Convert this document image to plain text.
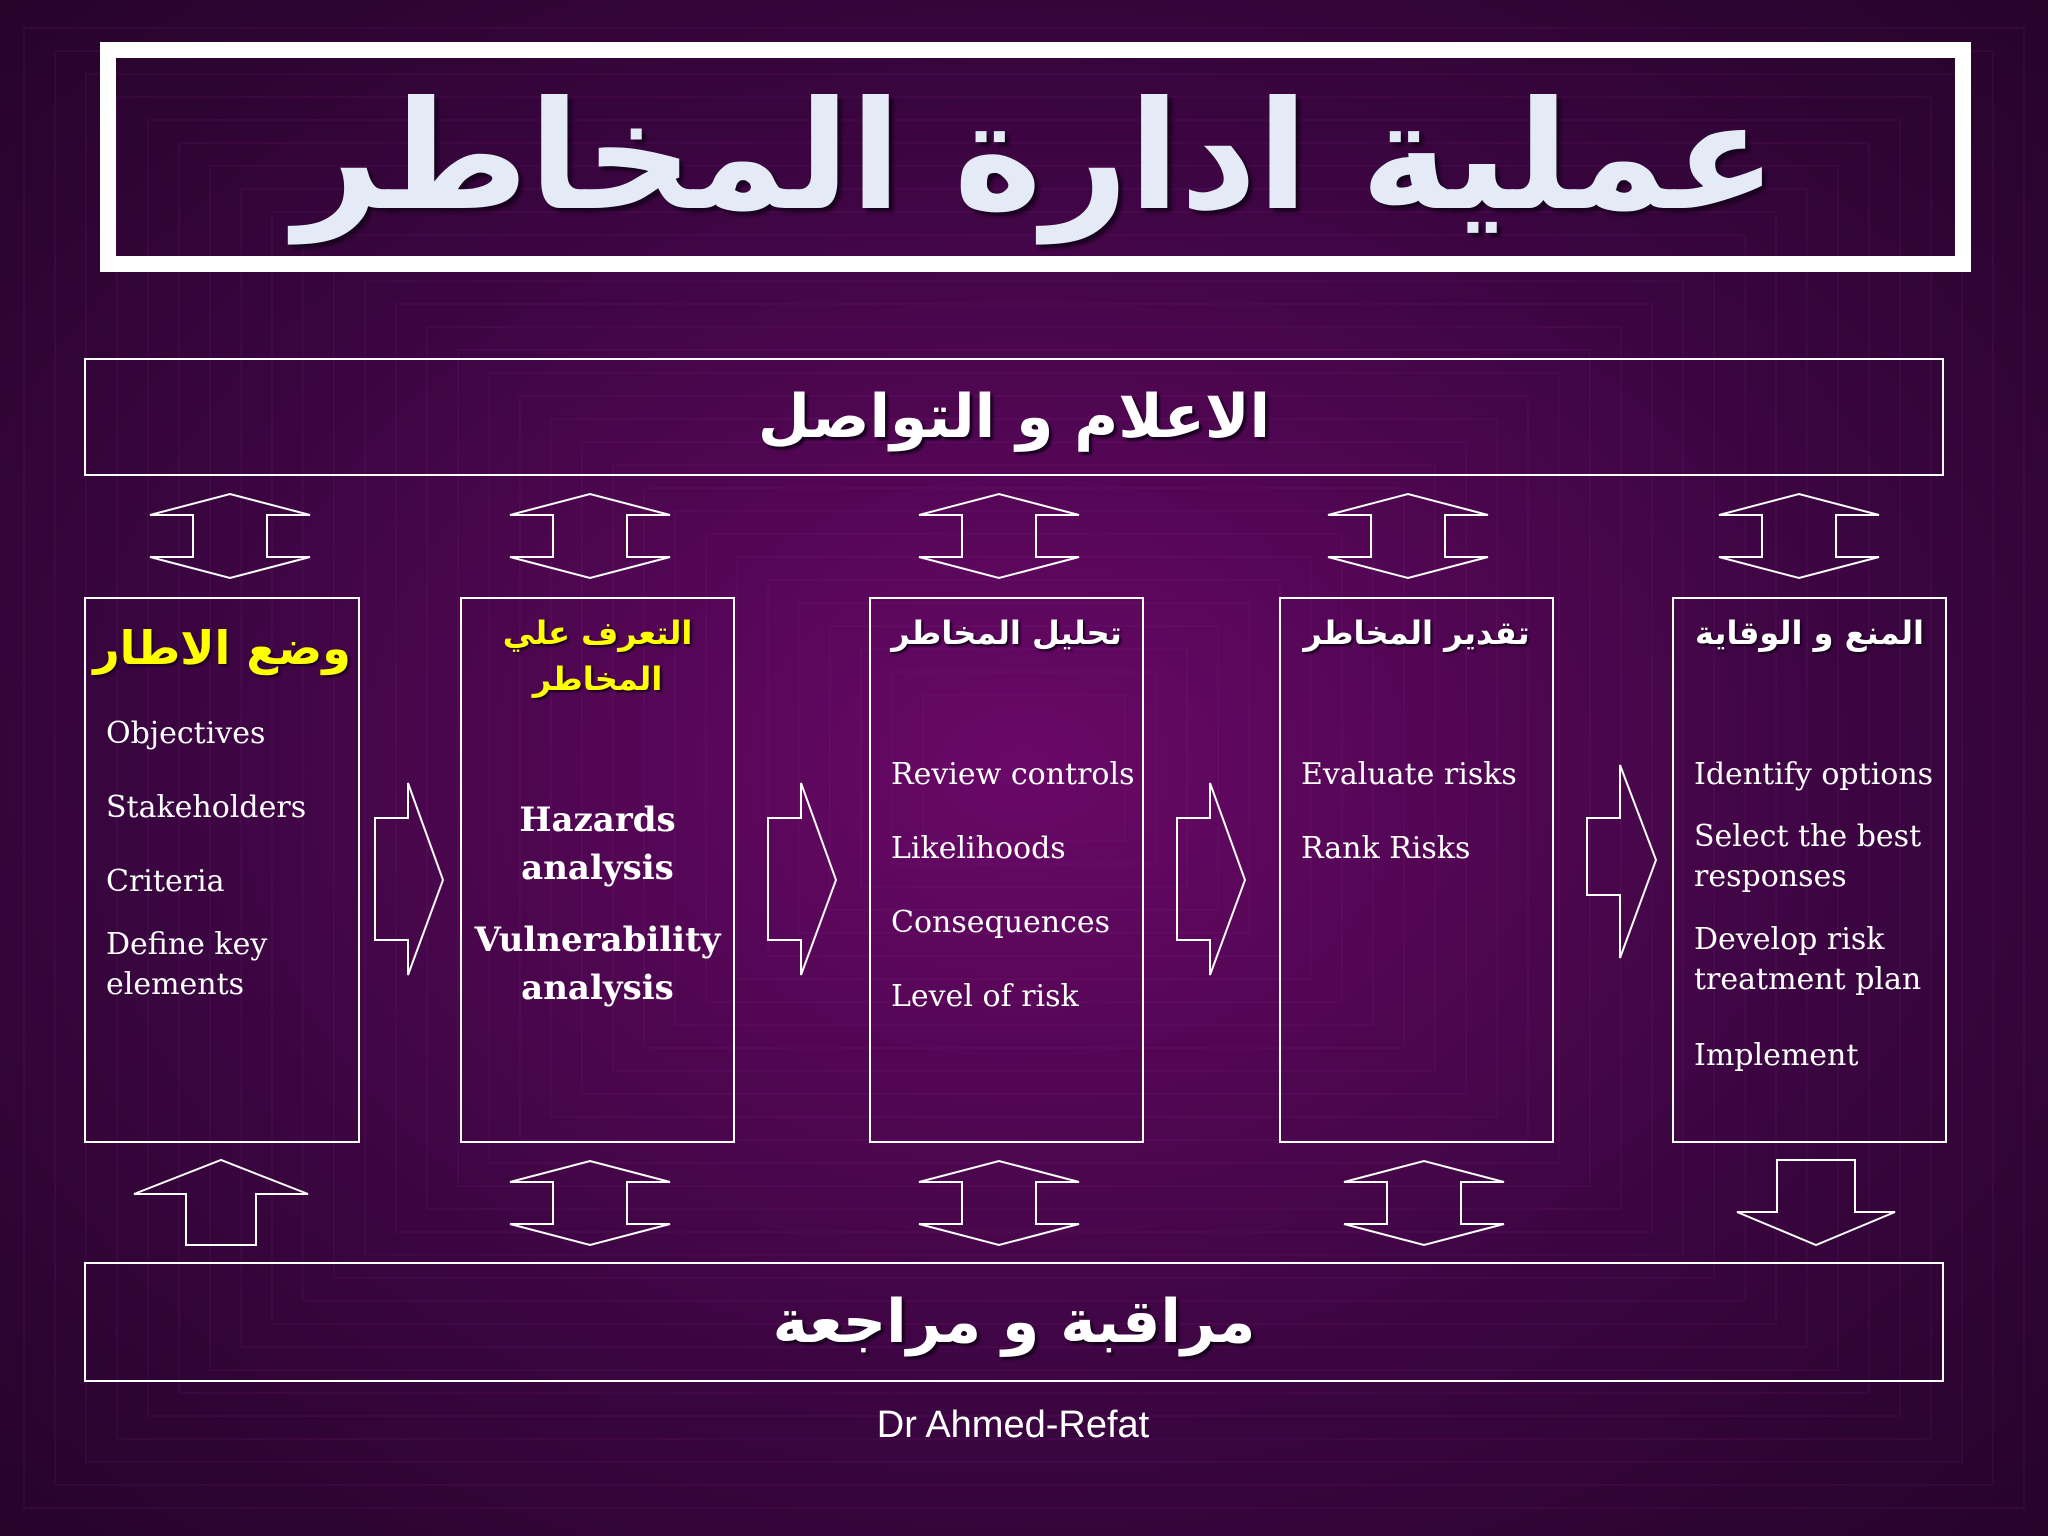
عملية ادارة المخاطر
الاعلام و التواصل
وضع الاطار
Objectives
Stakeholders
Criteria
Define key
elements
التعرف علي
المخاطر
Hazards
analysis
Vulnerability
analysis
تحليل المخاطر
Review controls
Likelihoods
Consequences
Level of risk
تقدير المخاطر
Evaluate risks
Rank Risks
المنع و الوقاية
Identify options
Select the best
responses
Develop risk
treatment plan
Implement
مراقبة و مراجعة
Dr Ahmed-Refat
